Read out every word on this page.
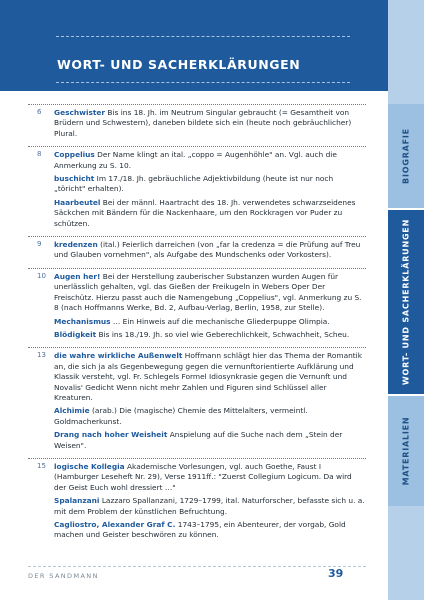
WORT- UND SACHERKLÄRUNGEN
BIOGRAFIE
WORT- UND SACHERKLÄRUNGEN
MATERIALIEN
6 Geschwister Bis ins 18. Jh. im Neutrum Singular gebraucht (= Gesamtheit von Brüdern und Schwestern), daneben bildete sich ein (heute noch gebräuchlicher) Plural.
8 Coppelius Der Name klingt an ital. „coppo = Augenhöhle" an. Vgl. auch die Anmerkung zu S. 10.
buschicht Im 17./18. Jh. gebräuchliche Adjektivbildung (heute ist nur noch „töricht" erhalten).
Haarbeutel Bei der männl. Haartracht des 18. Jh. verwendetes schwarzseidenes Säckchen mit Bändern für die Nackenhaare, um den Rockkragen vor Puder zu schützen.
9 kredenzen (ital.) Feierlich darreichen (von „far la credenza = die Prüfung auf Treu und Glauben vornehmen", als Aufgabe des Mundschenks oder Vorkosters).
10 Augen her! Bei der Herstellung zauberischer Substanzen wurden Augen für unerlässlich gehalten, vgl. das Gießen der Freikugeln in Webers Oper Der Freischütz. Hierzu passt auch die Namengebung „Coppelius", vgl. Anmerkung zu S. 8 (nach Hoffmanns Werke, Bd. 2, Aufbau-Verlag, Berlin, 1958, zur Stelle).
Mechanismus … Ein Hinweis auf die mechanische Gliederpuppe Olimpia.
Blödigkeit Bis ins 18./19. Jh. so viel wie Geberechlichkeit, Schwachheit, Scheu.
13 die wahre wirkliche Außenwelt Hoffmann schlägt hier das Thema der Romantik an, die sich ja als Gegenbewegung gegen die vernunftorientierte Aufklärung und Klassik versteht, vgl. Fr. Schlegels Formel Idiosynkrasie gegen die Vernunft und Novalis' Gedicht Wenn nicht mehr Zahlen und Figuren sind Schlüssel aller Kreaturen.
Alchimie (arab.) Die (magische) Chemie des Mittelalters, vermeintl. Goldmacherkunst.
Drang nach hoher Weisheit Anspielung auf die Suche nach dem „Stein der Weisen".
15 logische Kollegia Akademische Vorlesungen, vgl. auch Goethe, Faust I (Hamburger Leseheft Nr. 29), Verse 1911ff.: "Zuerst Collegium Logicum. Da wird der Geist Euch wohl dressiert …"
Spalanzani Lazzaro Spallanzani, 1729–1799, ital. Naturforscher, befasste sich u. a. mit dem Problem der künstlichen Befruchtung.
Cagliostro, Alexander Graf C. 1743–1795, ein Abenteurer, der vorgab, Gold machen und Geister beschwören zu können.
DER SANDMANN	39
